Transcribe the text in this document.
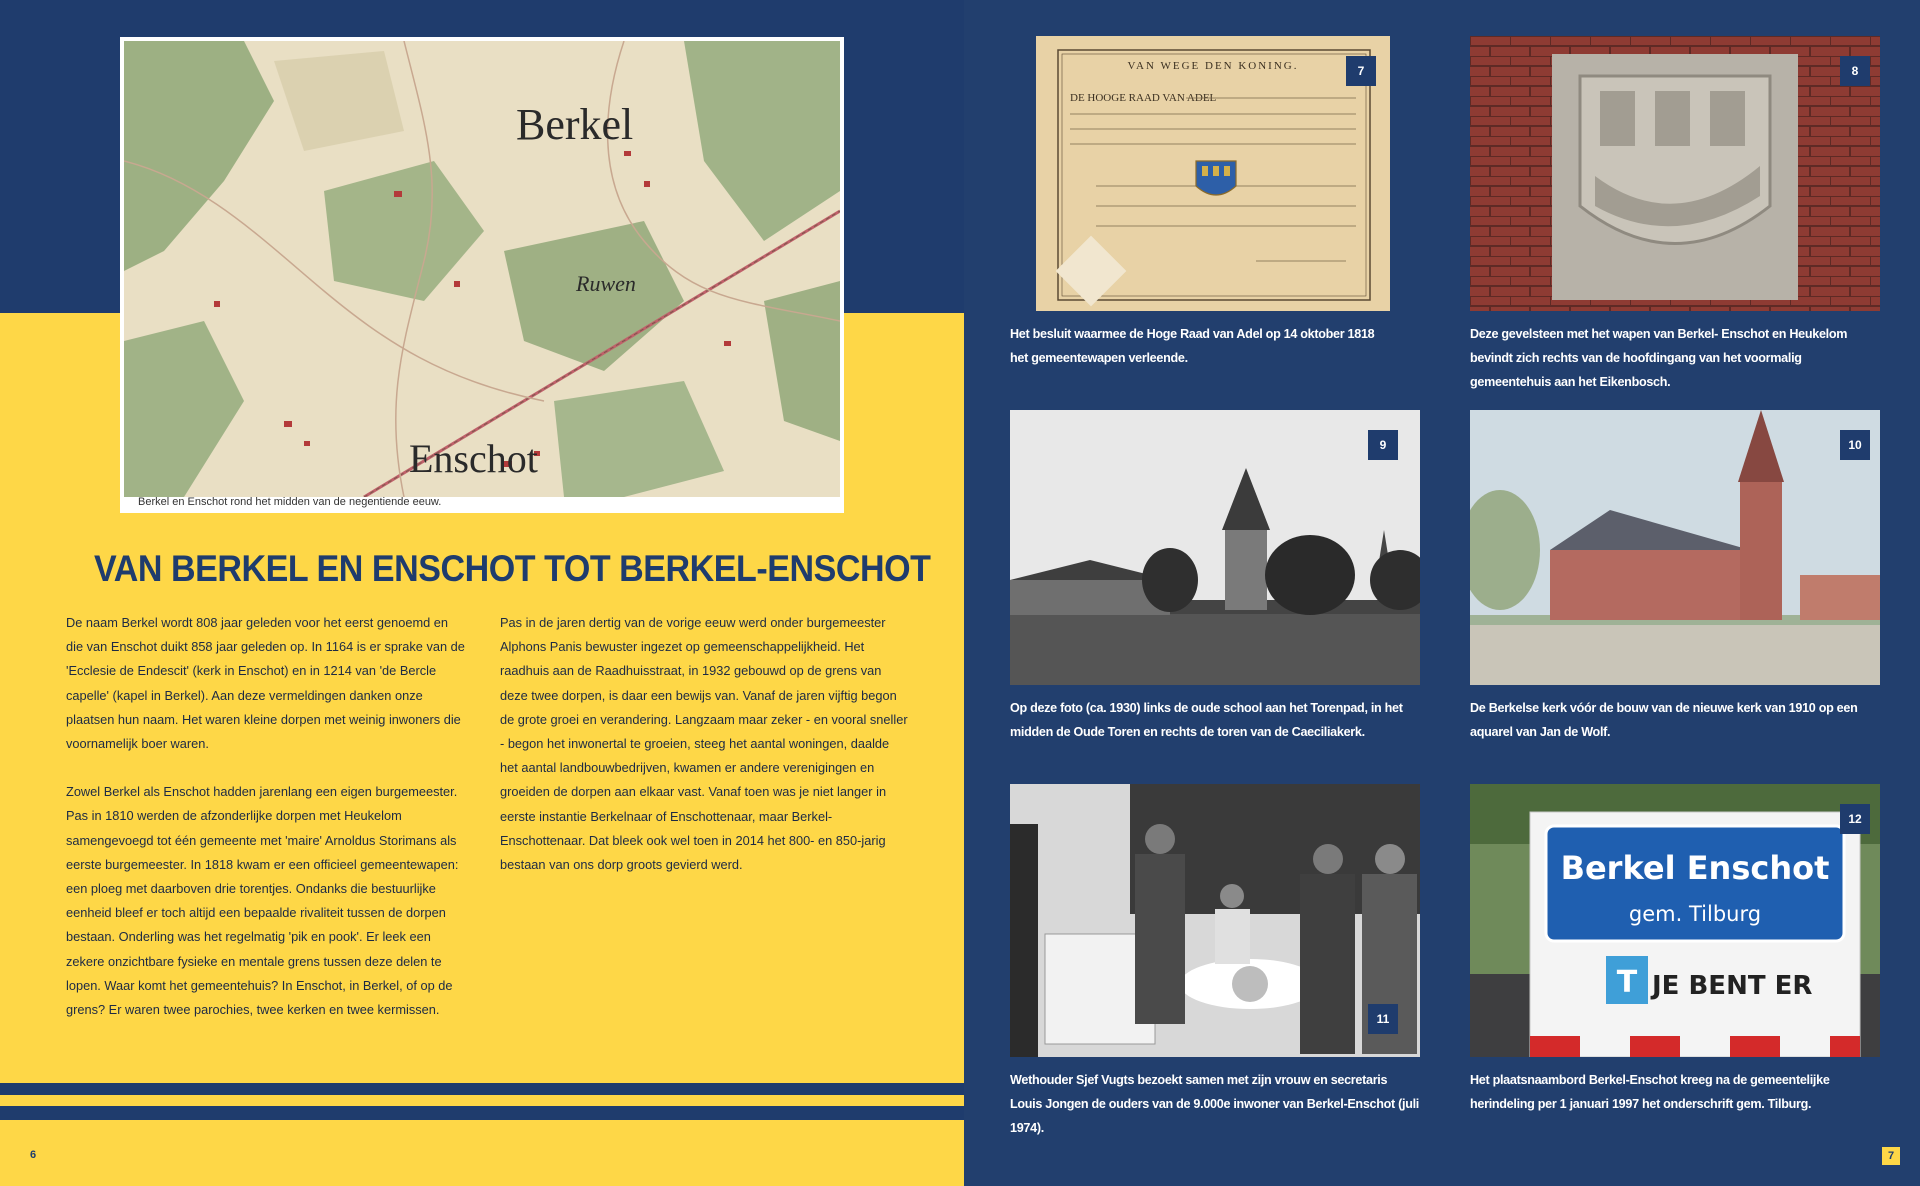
Berkel
Ruwen
Enschot
Berkel en Enschot rond het midden van de negentiende eeuw.
VAN BERKEL EN ENSCHOT TOT BERKEL-ENSCHOT

De naam Berkel wordt 808 jaar geleden voor het eerst genoemd en die van Enschot duikt 858 jaar geleden op. In 1164 is er sprake van de 'Ecclesie de Endescit' (kerk in Enschot) en in 1214 van 'de Bercle capelle' (kapel in Berkel). Aan deze vermeldingen danken onze plaatsen hun naam. Het waren kleine dorpen met weinig inwoners die voornamelijk boer waren.

Zowel Berkel als Enschot hadden jarenlang een eigen burgemeester. Pas in 1810 werden de afzonderlijke dorpen met Heukelom samengevoegd tot één gemeente met 'maire' Arnoldus Storimans als eerste burgemeester. In 1818 kwam er een officieel gemeentewapen: een ploeg met daarboven drie torentjes. Ondanks die bestuurlijke eenheid bleef er toch altijd een bepaalde rivaliteit tussen de dorpen bestaan. Onderling was het regelmatig 'pik en pook'. Er leek een zekere onzichtbare fysieke en mentale grens tussen deze delen te lopen. Waar komt het gemeentehuis? In Enschot, in Berkel, of op de grens? Er waren twee parochies, twee kerken en twee kermissen.

Pas in de jaren dertig van de vorige eeuw werd onder burgemeester Alphons Panis bewuster ingezet op gemeenschappelijkheid. Het raadhuis aan de Raadhuisstraat, in 1932 gebouwd op de grens van deze twee dorpen, is daar een bewijs van. Vanaf de jaren vijftig begon de grote groei en verandering. Langzaam maar zeker - en vooral sneller - begon het inwonertal te groeien, steeg het aantal woningen, daalde het aantal landbouwbedrijven, kwamen er andere verenigingen en groeiden de dorpen aan elkaar vast. Vanaf toen was je niet langer in eerste instantie Berkelnaar of Enschottenaar, maar Berkel-Enschottenaar. Dat bleek ook wel toen in 2014 het 800- en 850-jarig bestaan van ons dorp groots gevierd werd.

6
VAN WEGE DEN KONING.
DE HOOGE RAAD VAN ADEL
7
Het besluit waarmee de Hoge Raad van Adel op 14 oktober 1818 het gemeentewapen verleende.
8
Deze gevelsteen met het wapen van Berkel- Enschot en Heukelom bevindt zich rechts van de hoofdingang van het voormalig gemeentehuis aan het Eikenbosch.
9
Op deze foto (ca. 1930) links de oude school aan het Torenpad, in het midden de Oude Toren en rechts de toren van de Caeciliakerk.
10
De Berkelse kerk vóór de bouw van de nieuwe kerk van 1910 op een aquarel van Jan de Wolf.
11
Wethouder Sjef Vugts bezoekt samen met zijn vrouw en secretaris Louis Jongen de ouders van de 9.000e inwoner van Berkel-Enschot (juli 1974).
Berkel Enschot
gem. Tilburg
T JE BENT ER
12
Het plaatsnaambord Berkel-Enschot kreeg na de gemeentelijke herindeling per 1 januari 1997 het onderschrift gem. Tilburg.
7
